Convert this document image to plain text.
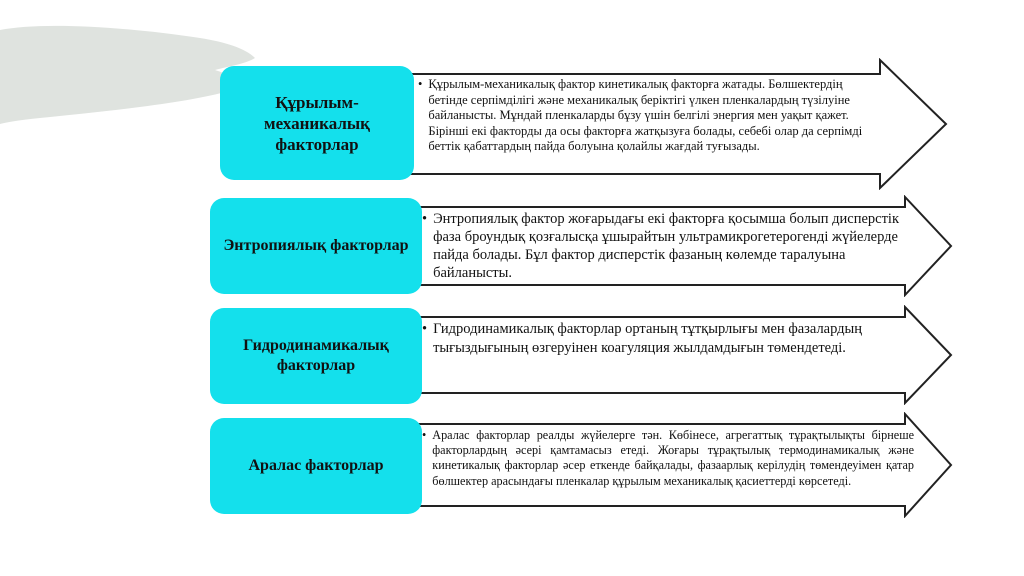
Құрылым-механикалық факторлар
• Құрылым-механикалық фактор кинетикалық факторға жатады. Бөлшектердің бетінде серпімділігі және механикалық беріктігі үлкен пленкалардың түзілуіне байланысты. Мұндай пленкаларды бұзу үшін белгілі энергия мен уақыт қажет. Бірінші екі факторды да осы факторға жатқызуға болады, себебі олар да серпімді беттік қабаттардың пайда болуына қолайлы жағдай туғызады.
Энтропиялық факторлар
• Энтропиялық фактор жоғарыдағы екі факторға қосымша болып дисперстік фаза броундық қозғалысқа ұшырайтын ультрамикрогетерогенді жүйелерде пайда болады. Бұл фактор дисперстік фазаның көлемде таралуына байланысты.
Гидродинамикалық факторлар
• Гидродинамикалық факторлар ортаның тұтқырлығы мен фазалардың тығыздығының өзгеруінен коагуляция жылдамдығын төмендетеді.
Аралас факторлар
• Аралас факторлар реалды жүйелерге тән. Көбінесе, агрегаттық тұрақтылықты бірнеше факторлардың әсері қамтамасыз етеді. Жоғары тұрақтылық термодинамикалық және кинетикалық факторлар әсер еткенде байқалады, фазаарлық керілудің төмендеуімен қатар бөлшектер арасындағы пленкалар құрылым механикалық қасиеттерді көрсетеді.
